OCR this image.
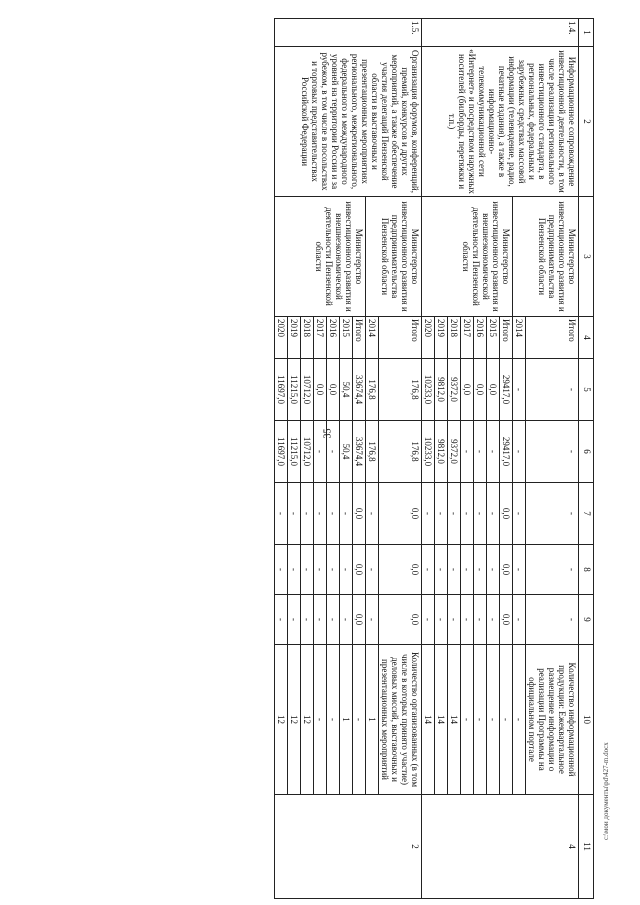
35
c:\мои документы\pd\427-m.docx
1	2	3	4	5	6	7	8	9	10	11
1.4.	Информационное сопровождение инвестиционной деятельности, в том числе реализации регионального инвестиционного стандарта, в региональных, федеральных и зарубежных средствах массовой информации (телевидение, радио, печатные издания), а также в информационно-телекоммуникационной сети «Интернет» и посредством наружных носителей (билборды, перетяжки и т.п.)	Министерство инвестиционного развития и предпринимательства Пензенской области	Итого	-	-	-	-	-	Количество информационной продукции: Ежеквартальное размещение информации о реализации Программы на официальном портале	4
			2014	-	-	-	-	-	-	
		Министерство инвестиционного развития и внешнеэкономической деятельности Пензенской области	Итого	29417,0	29417,0	0,0	0,0	0,0	-	
			2015	0,0	-	-	-	-	-	
			2016	0,0	-	-	-	-	-	
			2017	0,0	-	-	-	-	-	
			2018	9372,0	9372,0	-	-	-	14	
			2019	9812,0	9812,0	-	-	-	14	
			2020	10233,0	10233,0	-	-	-	14	
1.5.	Организация форумов, конференций, премий, конкурсов и других мероприятий, а также обеспечение участия делегаций Пензенской области в выставочных и презентационных мероприятиях регионального, межрегионального, федерального и международного уровней на территории России и за рубежом, в том числе в посольствах и торговых представительствах Российской Федерации	Министерство инвестиционного развития и предпринимательства Пензенской области	Итого	176,8	176,8	0,0	0,0	0,0	Количество организованных (в том числе в которых принято участие) деловых миссий, выставочных и презентационных мероприятий	2
			2014	176,8	176,8	-	-	-	1	
		Министерство инвестиционного развития и внешнеэкономической деятельности Пензенской области	Итого	33674,4	33674,4	0,0	0,0	0,0	-	
			2015	50,4	50,4	-	-	-	1	
			2016	0,0	-	-	-	-	-	
			2017	0,0	-	-	-	-	-	
			2018	10712,0	10712,0	-	-	-	12	
			2019	11215,0	11215,0	-	-	-	12	
			2020	11697,0	11697,0	-	-	-	12	
